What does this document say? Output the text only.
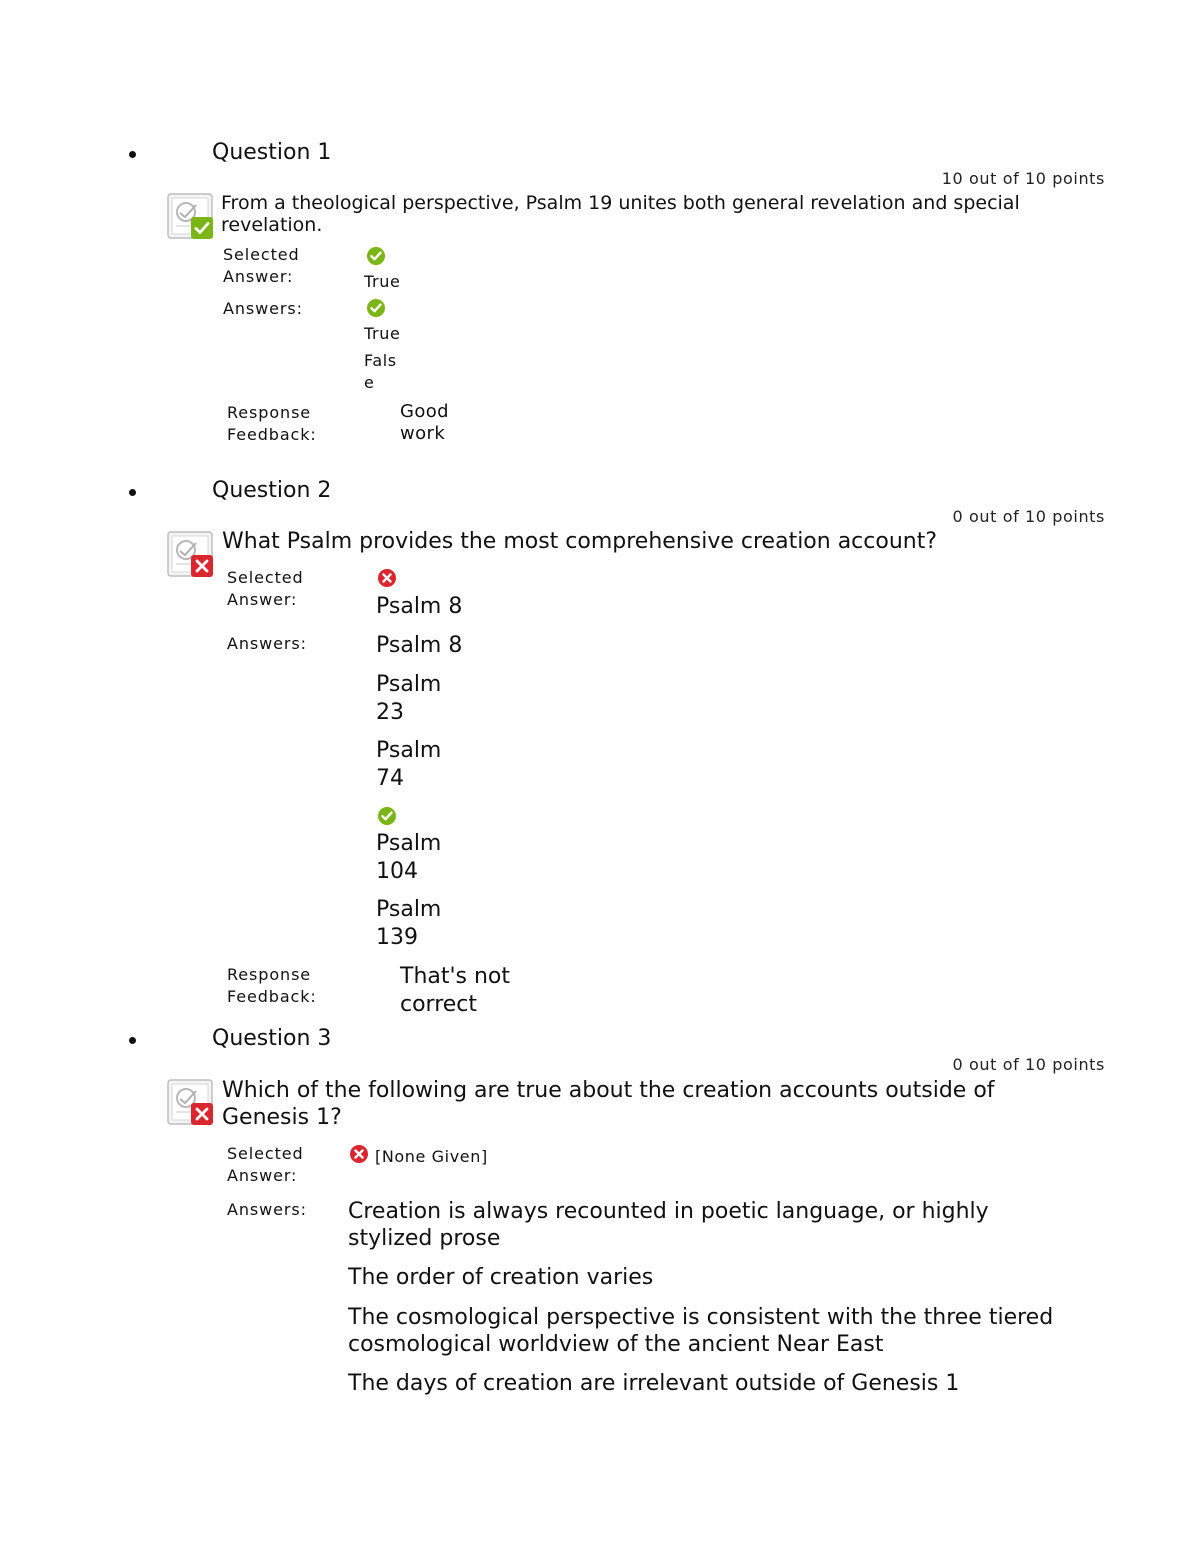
Question 1
10 out of 10 points
From a theological perspective, Psalm 19 unites both general revelation and special revelation.
Selected Answer:	True
Answers:
True
False
Response Feedback:
Good work
Question 2
0 out of 10 points
What Psalm provides the most comprehensive creation account?
Selected Answer:	Psalm 8
Answers:	Psalm 8
Psalm 23
Psalm 74
Psalm 104
Psalm 139
Response Feedback:
That's not correct
Question 3
0 out of 10 points
Which of the following are true about the creation accounts outside of Genesis 1?
Selected Answer:
[None Given]
Answers: Creation is always recounted in poetic language, or highly stylized prose
The order of creation varies
The cosmological perspective is consistent with the three tiered cosmological worldview of the ancient Near East
The days of creation are irrelevant outside of Genesis 1
